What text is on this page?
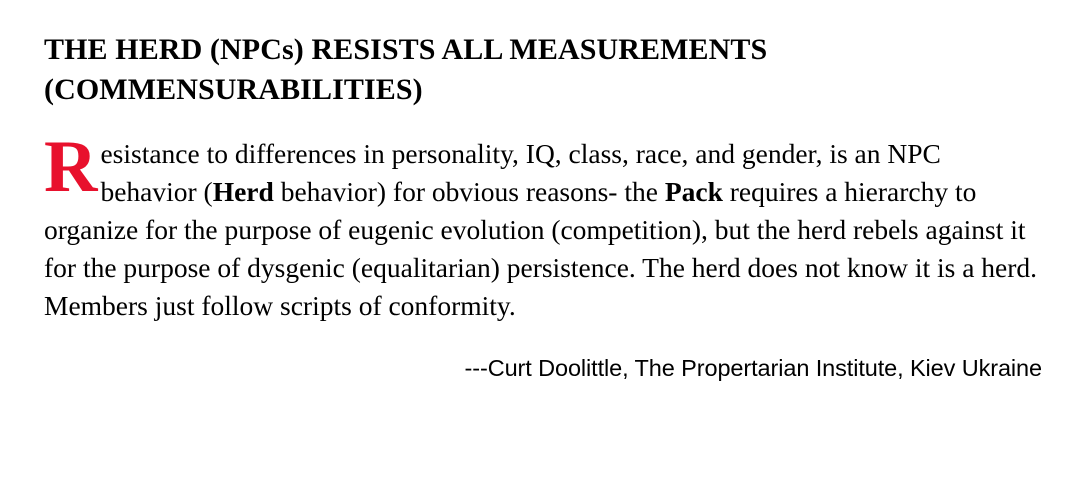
THE HERD (NPCs) RESISTS ALL MEASUREMENTS
(COMMENSURABILITIES)
Resistance to differences in personality, IQ, class, race, and gender, is an NPC behavior (Herd behavior) for obvious reasons- the Pack requires a hierarchy to organize for the purpose of eugenic evolution (competition), but the herd rebels against it for the purpose of dysgenic (equalitarian) persistence. The herd does not know it is a herd. Members just follow scripts of conformity.
---Curt Doolittle, The Propertarian Institute, Kiev Ukraine
